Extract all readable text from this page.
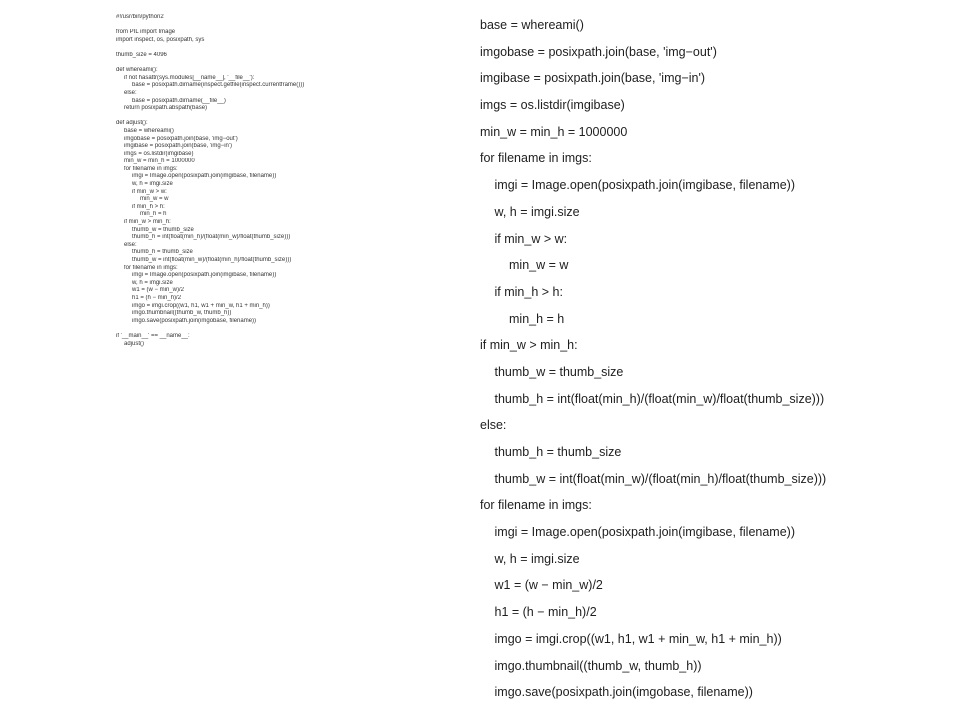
#!/usr/bin/python2
from PIL import Image
import inspect, os, posixpath, sys
thumb_size = 4096
def whereami():
if not hasattr(sys.modules[__name__], '__file__'):
base = posixpath.dirname(inspect.getfile(inspect.currentframe()))
else:
base = posixpath.dirname(__file__)
return posixpath.abspath(base)
def adjust():
base = whereami()
imgobase = posixpath.join(base, 'img−out')
imgibase = posixpath.join(base, 'img−in')
imgs = os.listdir(imgibase)
min_w = min_h = 1000000
for filename in imgs:
imgi = Image.open(posixpath.join(imgibase, filename))
w, h = imgi.size
if min_w > w:
min_w = w
if min_h > h:
min_h = h
if min_w > min_h:
thumb_w = thumb_size
thumb_h = int(float(min_h)/(float(min_w)/float(thumb_size)))
else:
thumb_h = thumb_size
thumb_w = int(float(min_w)/(float(min_h)/float(thumb_size)))
for filename in imgs:
imgi = Image.open(posixpath.join(imgibase, filename))
w, h = imgi.size
w1 = (w − min_w)/2
h1 = (h − min_h)/2
imgo = imgi.crop((w1, h1, w1 + min_w, h1 + min_h))
imgo.thumbnail((thumb_w, thumb_h))
imgo.save(posixpath.join(imgobase, filename))
if '__main__' == __name__:
adjust()
base = whereami()
imgobase = posixpath.join(base, 'img−out')
imgibase = posixpath.join(base, 'img−in')
imgs = os.listdir(imgibase)
min_w = min_h = 1000000
for filename in imgs:
imgi = Image.open(posixpath.join(imgibase, filename))
w, h = imgi.size
if min_w > w:
min_w = w
if min_h > h:
min_h = h
if min_w > min_h:
thumb_w = thumb_size
thumb_h = int(float(min_h)/(float(min_w)/float(thumb_size)))
else:
thumb_h = thumb_size
thumb_w = int(float(min_w)/(float(min_h)/float(thumb_size)))
for filename in imgs:
imgi = Image.open(posixpath.join(imgibase, filename))
w, h = imgi.size
w1 = (w − min_w)/2
h1 = (h − min_h)/2
imgo = imgi.crop((w1, h1, w1 + min_w, h1 + min_h))
imgo.thumbnail((thumb_w, thumb_h))
imgo.save(posixpath.join(imgobase, filename))
